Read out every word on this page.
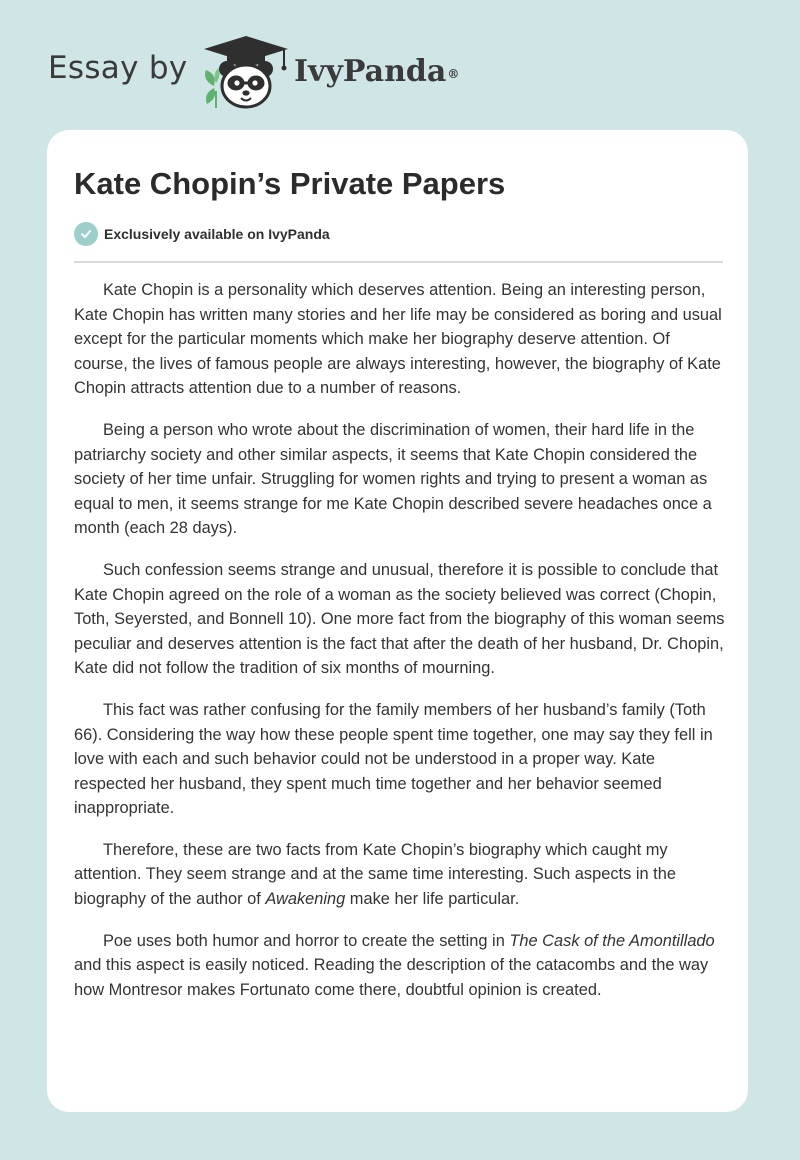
Essay by	IvyPanda®
Kate Chopin’s Private Papers
Exclusively available on IvyPanda

Kate Chopin is a personality which deserves attention. Being an interesting person, Kate Chopin has written many stories and her life may be considered as boring and usual except for the particular moments which make her biography deserve attention. Of course, the lives of famous people are always interesting, however, the biography of Kate Chopin attracts attention due to a number of reasons.

Being a person who wrote about the discrimination of women, their hard life in the patriarchy society and other similar aspects, it seems that Kate Chopin considered the society of her time unfair. Struggling for women rights and trying to present a woman as equal to men, it seems strange for me Kate Chopin described severe headaches once a month (each 28 days).

Such confession seems strange and unusual, therefore it is possible to conclude that Kate Chopin agreed on the role of a woman as the society believed was correct (Chopin, Toth, Seyersted, and Bonnell 10). One more fact from the biography of this woman seems peculiar and deserves attention is the fact that after the death of her husband, Dr. Chopin, Kate did not follow the tradition of six months of mourning.

This fact was rather confusing for the family members of her husband’s family (Toth 66). Considering the way how these people spent time together, one may say they fell in love with each and such behavior could not be understood in a proper way. Kate respected her husband, they spent much time together and her behavior seemed inappropriate.

Therefore, these are two facts from Kate Chopin’s biography which caught my attention. They seem strange and at the same time interesting. Such aspects in the biography of the author of Awakening make her life particular.

Poe uses both humor and horror to create the setting in The Cask of the Amontillado and this aspect is easily noticed. Reading the description of the catacombs and the way how Montresor makes Fortunato come there, doubtful opinion is created.
